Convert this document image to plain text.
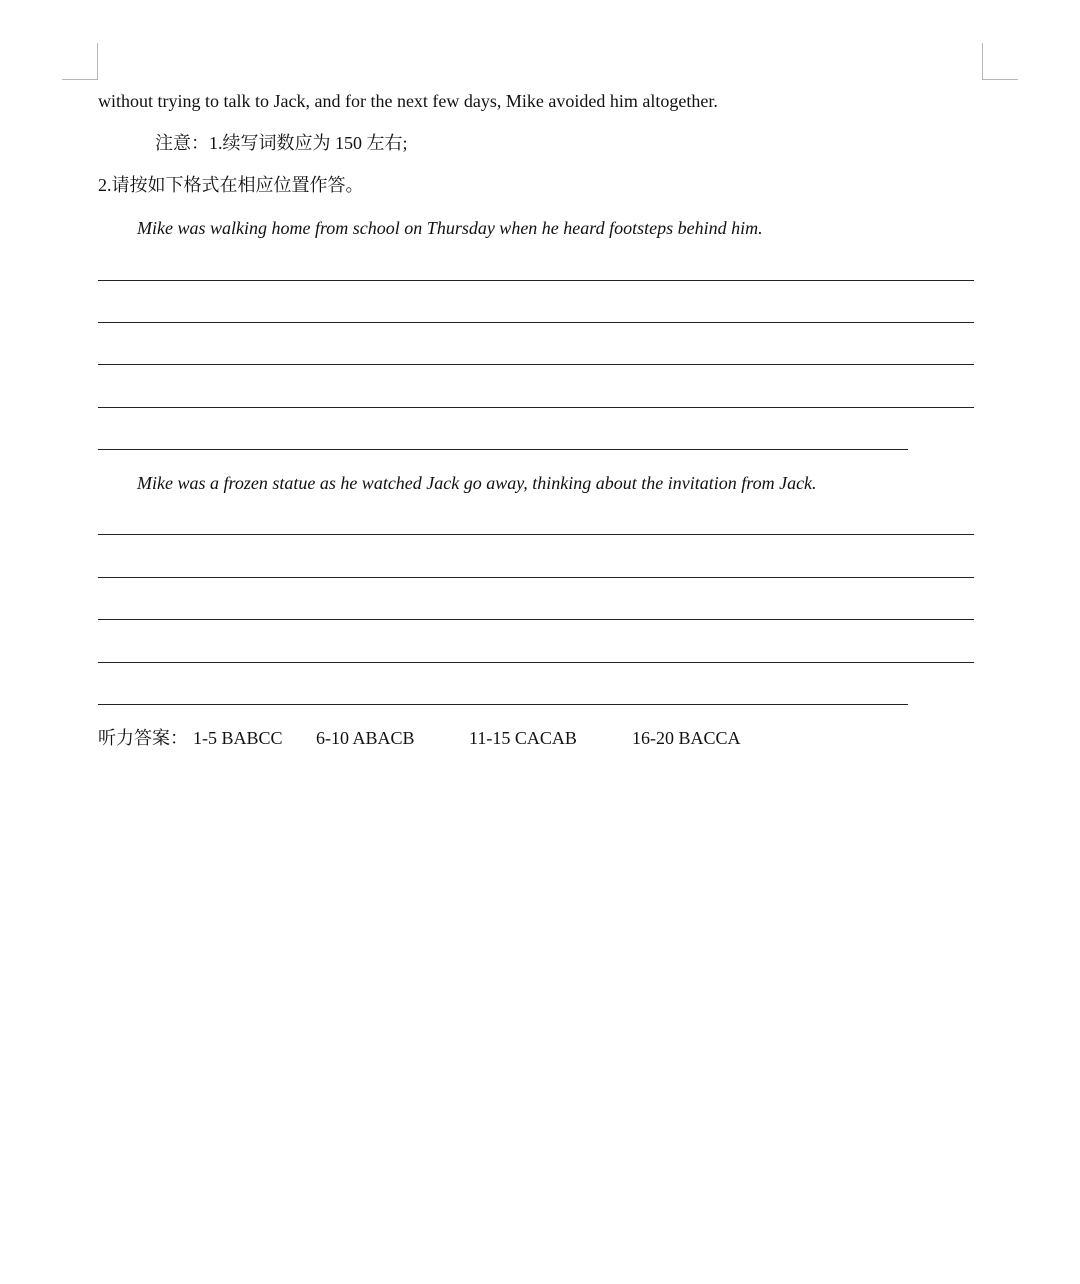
without trying to talk to Jack, and for the next few days, Mike avoided him altogether.
注意：1.续写词数应为 150 左右;
2.请按如下格式在相应位置作答。
Mike was walking home from school on Thursday when he heard footsteps behind him.
Mike was a frozen statue as he watched Jack go away, thinking about the invitation from Jack.
听力答案： 1-5 BABCC 6-10 ABACB	11-15 CACAB	16-20 BACCA
